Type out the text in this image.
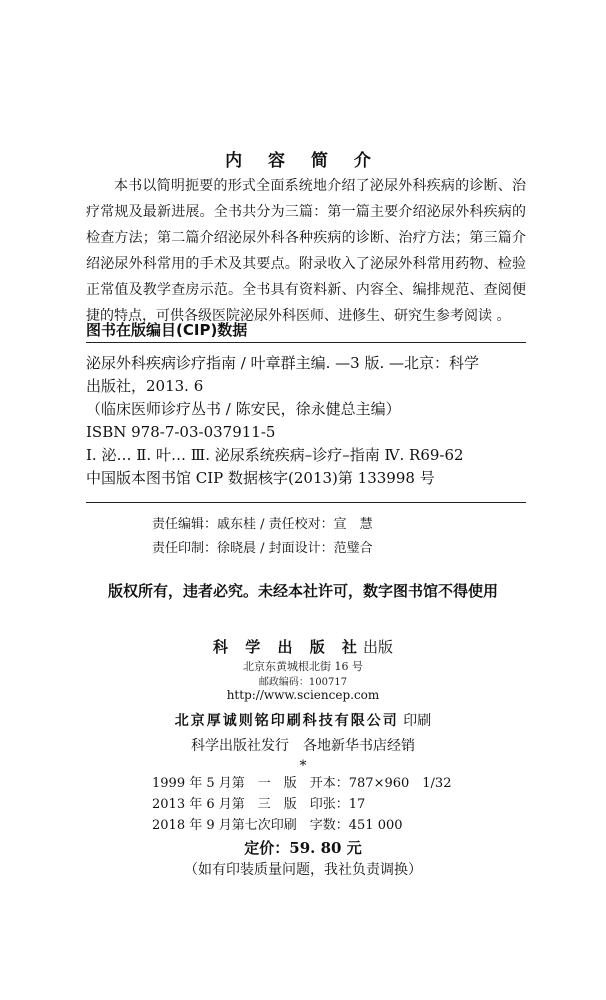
内 容 简 介

本书以简明扼要的形式全面系统地介绍了泌尿外科疾病的诊断、治疗常规及最新进展。全书共分为三篇：第一篇主要介绍泌尿外科疾病的检查方法；第二篇介绍泌尿外科各种疾病的诊断、治疗方法；第三篇介绍泌尿外科常用的手术及其要点。附录收入了泌尿外科常用药物、检验正常值及教学查房示范。全书具有资料新、内容全、编排规范、查阅便捷的特点，可供各级医院泌尿外科医师、进修生、研究生参考阅读 。

图书在版编目(CIP)数据
泌尿外科疾病诊疗指南 / 叶章群主编. —3 版. —北京：科学
出版社，2013. 6
（临床医师诊疗丛书 / 陈安民，徐永健总主编）
ISBN 978-7-03-037911-5
Ⅰ. 泌… Ⅱ. 叶… Ⅲ. 泌尿系统疾病–诊疗–指南 Ⅳ. R69-62
中国版本图书馆 CIP 数据核字(2013)第 133998 号
责任编辑：戚东桂 / 责任校对：宣　慧
责任印制：徐晓晨 / 封面设计：范璧合
版权所有，违者必究。未经本社许可，数字图书馆不得使用
科 学 出 版 社出版
北京东黄城根北街 16 号
邮政编码：100717
http://www.sciencep.com
北京厚诚则铭印刷科技有限公司 印刷
科学出版社发行　各地新华书店经销
*
1999 年 5 月第　一　版　开本：787×960　1/32
2013 年 6 月第　三　版　印张：17
2018 年 9 月第七次印刷　字数：451 000
定价：59. 80 元
（如有印装质量问题，我社负责调换）
